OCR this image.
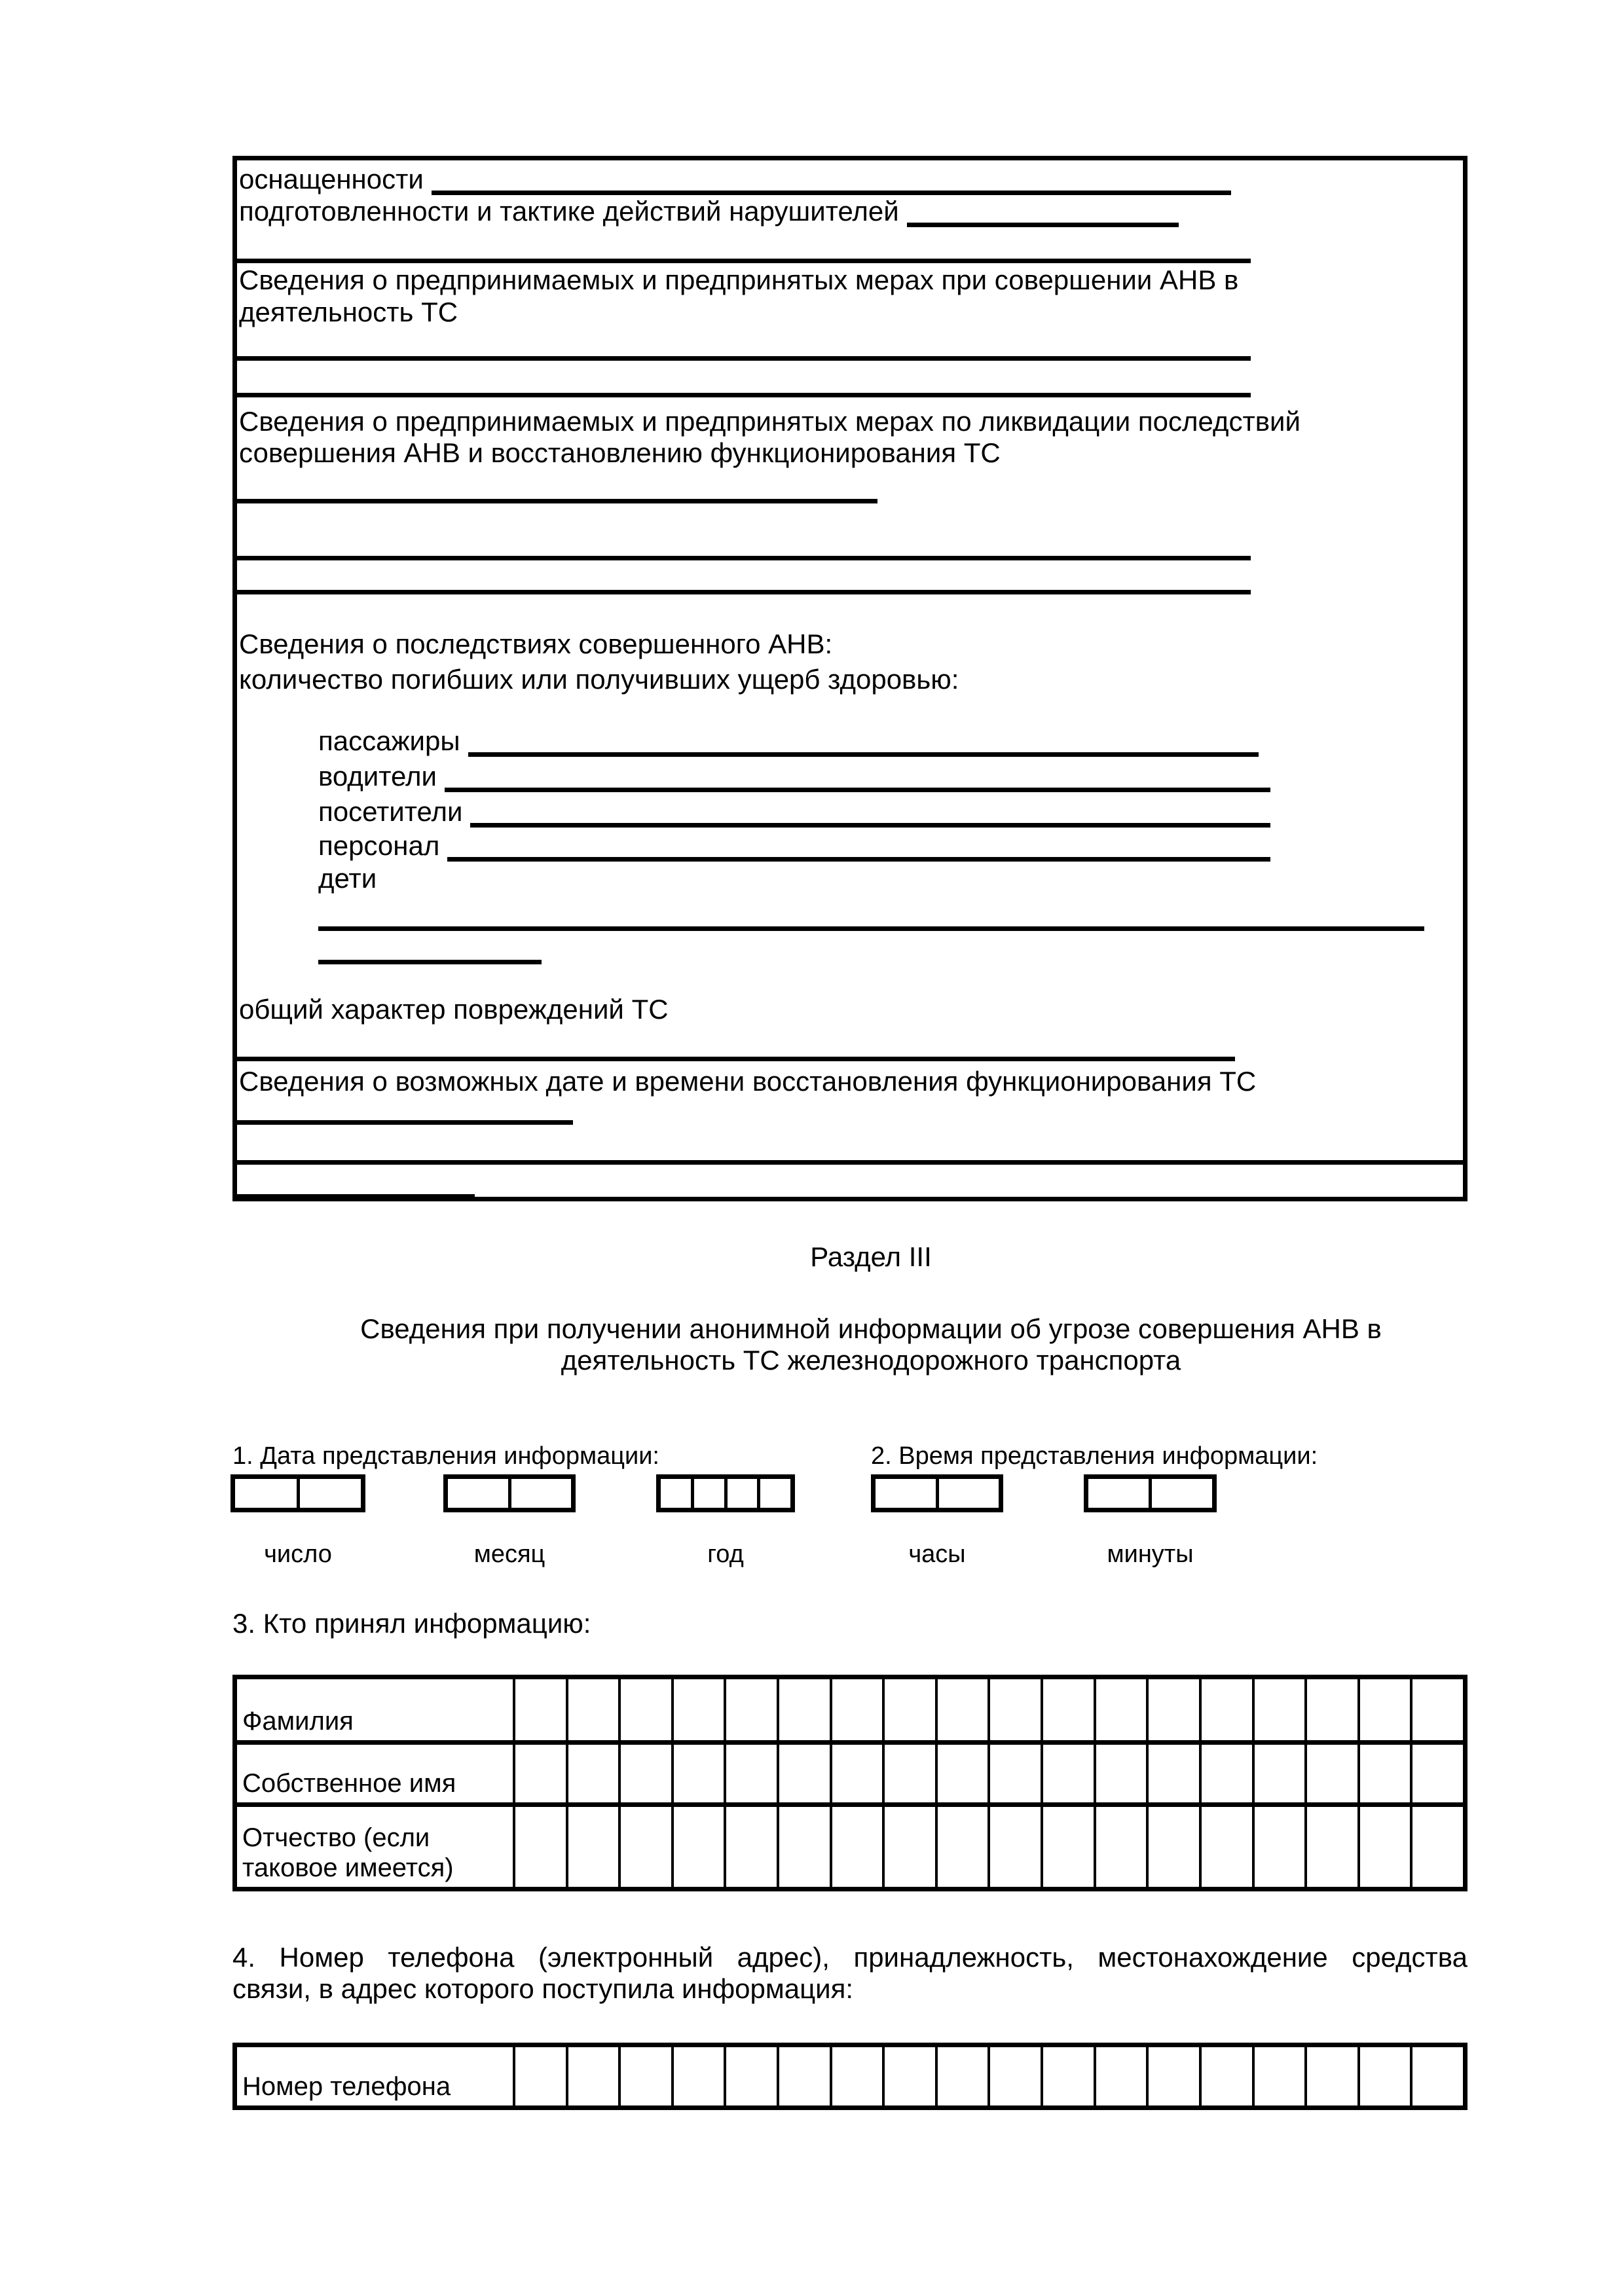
оснащенности
подготовленности и тактике действий нарушителей
Сведения о предпринимаемых и предпринятых мерах при совершении АНВ в
деятельность ТС
Сведения о предпринимаемых и предпринятых мерах по ликвидации последствий
совершения АНВ и восстановлению функционирования ТС
Сведения о последствиях совершенного АНВ:
количество погибших или получивших ущерб здоровью:
пассажиры
водители
посетители
персонал
дети
общий характер повреждений ТС
Сведения о возможных дате и времени восстановления функционирования ТС
Раздел III
Сведения при получении анонимной информации об угрозе совершения АНВ в
деятельность ТС железнодорожного транспорта
1. Дата представления информации:	2. Время представления информации:
число	месяц	год	часы	минуты
3. Кто принял информацию:
Фамилия
Собственное имя
Отчество (если
таковое имеется)
4. Номер телефона (электронный адрес), принадлежность, местонахождение средства
связи, в адрес которого поступила информация:
Номер телефона
